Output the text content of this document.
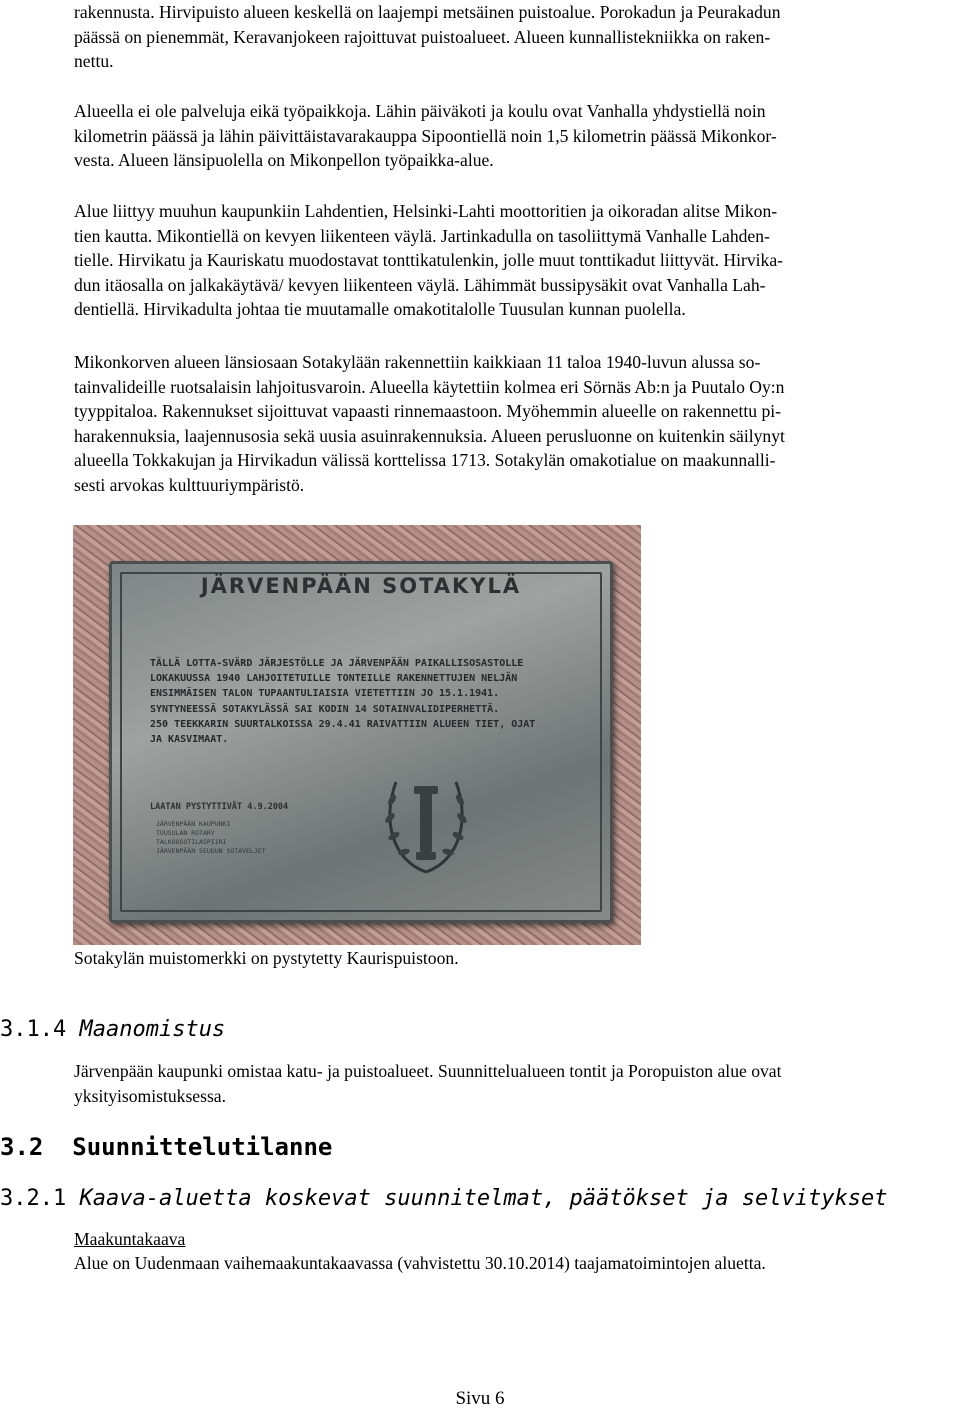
rakennusta. Hirvipuisto alueen keskellä on laajempi metsäinen puistoalue. Porokadun ja Peurakadun
päässä on pienemmät, Keravanjokeen rajoittuvat puistoalueet. Alueen kunnallistekniikka on raken-
nettu.
Alueella ei ole palveluja eikä työpaikkoja. Lähin päiväkoti ja koulu ovat Vanhalla yhdystiellä noin
kilometrin päässä ja lähin päivittäistavarakauppa Sipoontiellä noin 1,5 kilometrin päässä Mikonkor-
vesta. Alueen länsipuolella on Mikonpellon työpaikka-alue.
Alue liittyy muuhun kaupunkiin Lahdentien, Helsinki-Lahti moottoritien ja oikoradan alitse Mikon-
tien kautta. Mikontiellä on kevyen liikenteen väylä. Jartinkadulla on tasoliittymä Vanhalle Lahden-
tielle. Hirvikatu ja Kauriskatu muodostavat tonttikatulenkin, jolle muut tonttikadut liittyvät. Hirvika-
dun itäosalla on jalkakäytävä/ kevyen liikenteen väylä. Lähimmät bussipysäkit ovat Vanhalla Lah-
dentiellä. Hirvikadulta johtaa tie muutamalle omakotitalolle Tuusulan kunnan puolella.
Mikonkorven alueen länsiosaan Sotakylään rakennettiin kaikkiaan 11 taloa 1940-luvun alussa so-
tainvalideille ruotsalaisin lahjoitusvaroin. Alueella käytettiin kolmea eri Sörnäs Ab:n ja Puutalo Oy:n
tyyppitaloa. Rakennukset sijoittuvat vapaasti rinnemaastoon. Myöhemmin alueelle on rakennettu pi-
harakennuksia, laajennusosia sekä uusia asuinrakennuksia. Alueen perusluonne on kuitenkin säilynyt
alueella Tokkakujan ja Hirvikadun välissä korttelissa 1713. Sotakylän omakotialue on maakunnalli-
sesti arvokas kulttuuriympäristö.
JÄRVENPÄÄN SOTAKYLÄ
TÄLLÄ LOTTA-SVÄRD JÄRJESTÖLLE JA JÄRVENPÄÄN PAIKALLISOSASTOLLE
LOKAKUUSSA 1940 LAHJOITETUILLE TONTEILLE RAKENNETTUJEN NELJÄN
ENSIMMÄISEN TALON TUPAANTULIAISIA VIETETTIIN JO 15.1.1941.
SYNTYNEESSÄ SOTAKYLÄSSÄ SAI KODIN 14 SOTAINVALIDIPERHETTÄ.
250 TEEKKARIN SUURTALKOISSA 29.4.41 RAIVATTIIN ALUEEN TIET, OJAT
JA KASVIMAAT.
LAATAN PYSTYTTIVÄT 4.9.2004
JÄRVENPÄÄN KAUPUNKI
TUUSULAN ROTARY
TALKOOSOTILASPIIRI
JÄRVENPÄÄN SEUDUN SOTAVELJET

Sotakylän muistomerkki on pystytetty Kaurispuistoon.

3.1.4 Maanomistus
Järvenpään kaupunki omistaa katu- ja puistoalueet. Suunnittelualueen tontit ja Poropuiston alue ovat
yksityisomistuksessa.
3.2 Suunnittelutilanne
3.2.1 Kaava-aluetta koskevat suunnitelmat, päätökset ja selvitykset

Maakuntakaava

Alue on Uudenmaan vaihemaakuntakaavassa (vahvistettu 30.10.2014) taajamatoimintojen aluetta.

Sivu 6
